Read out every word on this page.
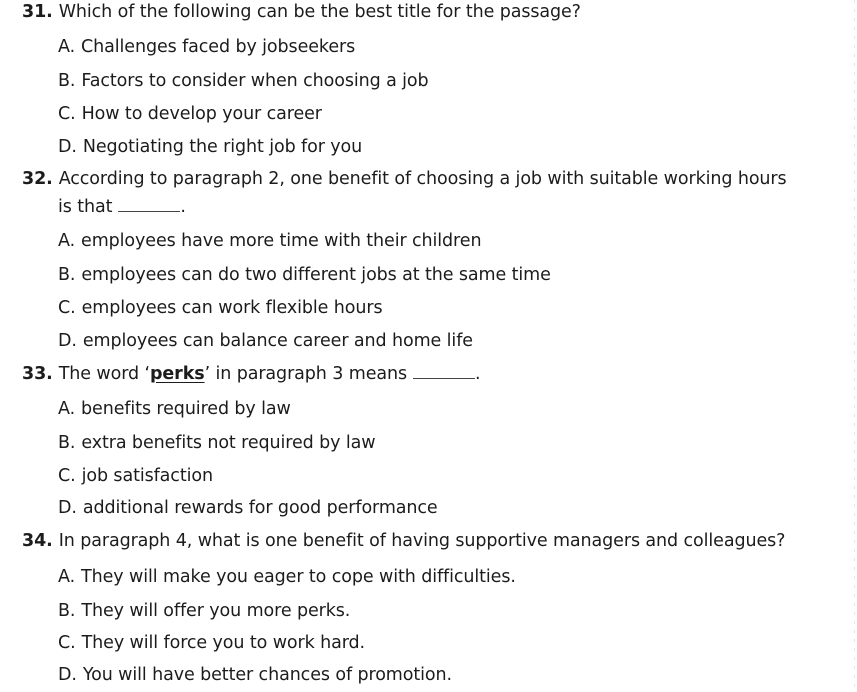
31. Which of the following can be the best title for the passage?
A. Challenges faced by jobseekers
B. Factors to consider when choosing a job
C. How to develop your career
D. Negotiating the right job for you
32. According to paragraph 2, one benefit of choosing a job with suitable working hours
is that	.
A. employees have more time with their children
B. employees can do two different jobs at the same time
C. employees can work flexible hours
D. employees can balance career and home life
33. The word ‘perks’ in paragraph 3 means	.
A. benefits required by law
B. extra benefits not required by law
C. job satisfaction
D. additional rewards for good performance
34. In paragraph 4, what is one benefit of having supportive managers and colleagues?
A. They will make you eager to cope with difficulties.
B. They will offer you more perks.
C. They will force you to work hard.
D. You will have better chances of promotion.
